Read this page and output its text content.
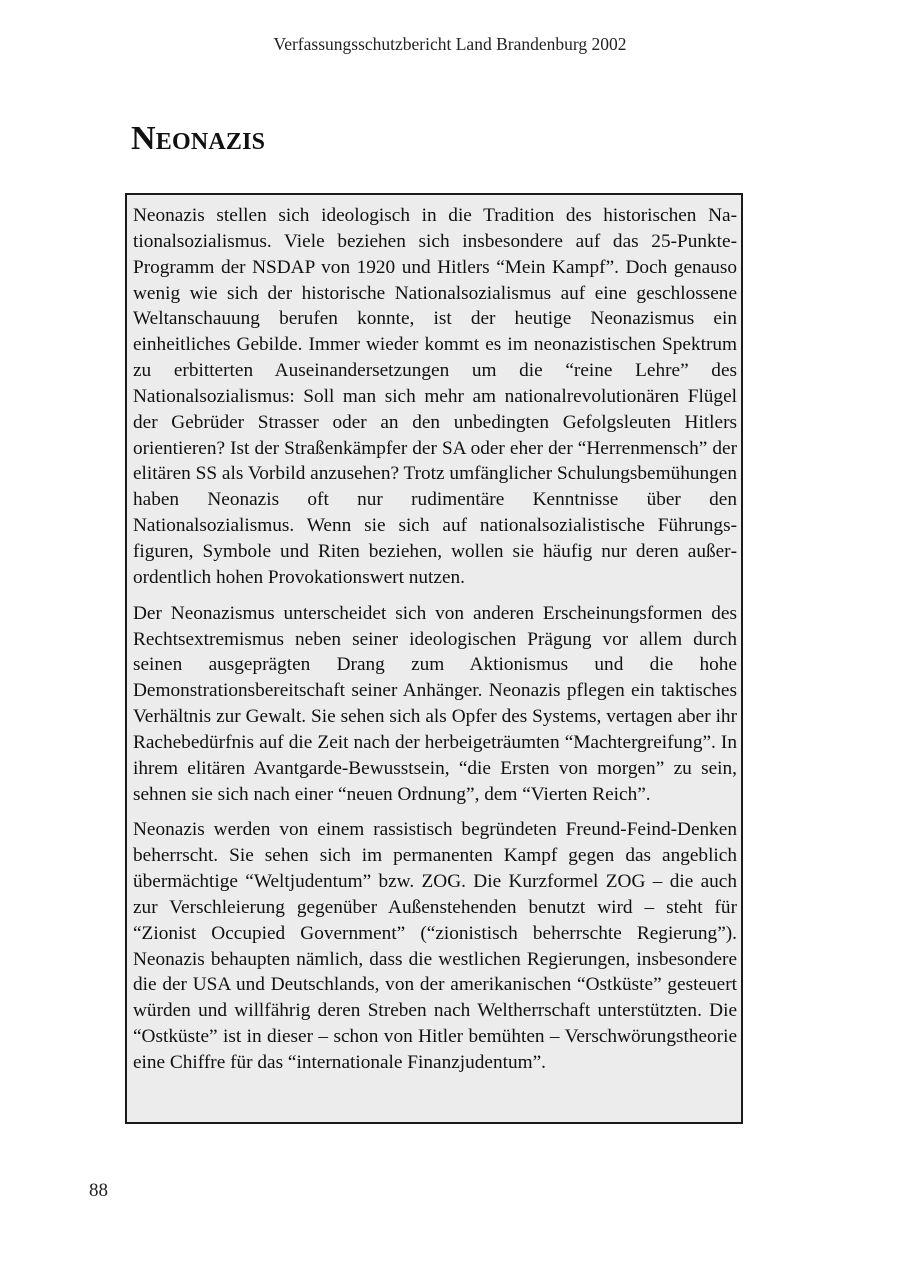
Verfassungsschutzbericht Land Brandenburg 2002
Neonazis

Neonazis stellen sich ideologisch in die Tradition des historischen Nationalsozialismus. Viele beziehen sich insbesondere auf das 25-Punkte-Programm der NSDAP von 1920 und Hitlers “Mein Kampf”. Doch genauso wenig wie sich der historische Nationalsozialismus auf eine geschlossene Weltanschauung berufen konnte, ist der heutige Neonazismus ein einheitliches Gebilde. Immer wieder kommt es im neonazistischen Spektrum zu erbitterten Auseinandersetzungen um die “reine Lehre” des Nationalsozialismus: Soll man sich mehr am nationalrevolutionären Flügel der Gebrüder Strasser oder an den unbedingten Gefolgsleuten Hitlers orientieren? Ist der Straßenkämpfer der SA oder eher der “Herrenmensch” der elitären SS als Vorbild anzusehen? Trotz umfänglicher Schulungsbemühungen haben Neonazis oft nur rudimentäre Kenntnisse über den Nationalsozialismus. Wenn sie sich auf nationalsozialistische Führungsfiguren, Symbole und Riten beziehen, wollen sie häufig nur deren außerordentlich hohen Provokationswert nutzen.

Der Neonazismus unterscheidet sich von anderen Erscheinungsformen des Rechtsextremismus neben seiner ideologischen Prägung vor allem durch seinen ausgeprägten Drang zum Aktionismus und die hohe Demonstrationsbereitschaft seiner Anhänger. Neonazis pflegen ein taktisches Verhältnis zur Gewalt. Sie sehen sich als Opfer des Systems, vertagen aber ihr Rachebedürfnis auf die Zeit nach der herbeigeträumten “Machtergreifung”. In ihrem elitären Avantgarde-Bewusstsein, “die Ersten von morgen” zu sein, sehnen sie sich nach einer “neuen Ordnung”, dem “Vierten Reich”.

Neonazis werden von einem rassistisch begründeten Freund-Feind-Denken beherrscht. Sie sehen sich im permanenten Kampf gegen das angeblich übermächtige “Weltjudentum” bzw. ZOG. Die Kurzformel ZOG – die auch zur Verschleierung gegenüber Außenstehenden benutzt wird – steht für “Zionist Occupied Government” (“zionistisch beherrschte Regierung”). Neonazis behaupten nämlich, dass die westlichen Regierungen, insbesondere die der USA und Deutschlands, von der amerikanischen “Ostküste” gesteuert würden und willfährig deren Streben nach Weltherrschaft unterstützten. Die “Ostküste” ist in dieser – schon von Hitler bemühten – Verschwörungstheorie eine Chiffre für das “internationale Finanzjudentum”.

88
